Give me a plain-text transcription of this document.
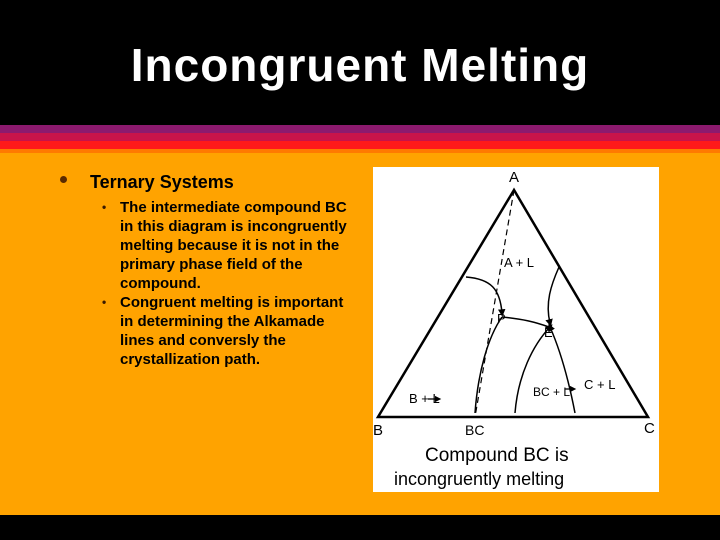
Incongruent Melting
Ternary Systems
• The intermediate compound BC in this diagram is incongruently melting because it is not in the primary phase field of the compound.
• Congruent melting is important in determining the Alkamade lines and conversly the crystallization path.
A
B	C
BC
P
E
A + L
B + L	BC + L C + L
Compound BC is
incongruently melting
